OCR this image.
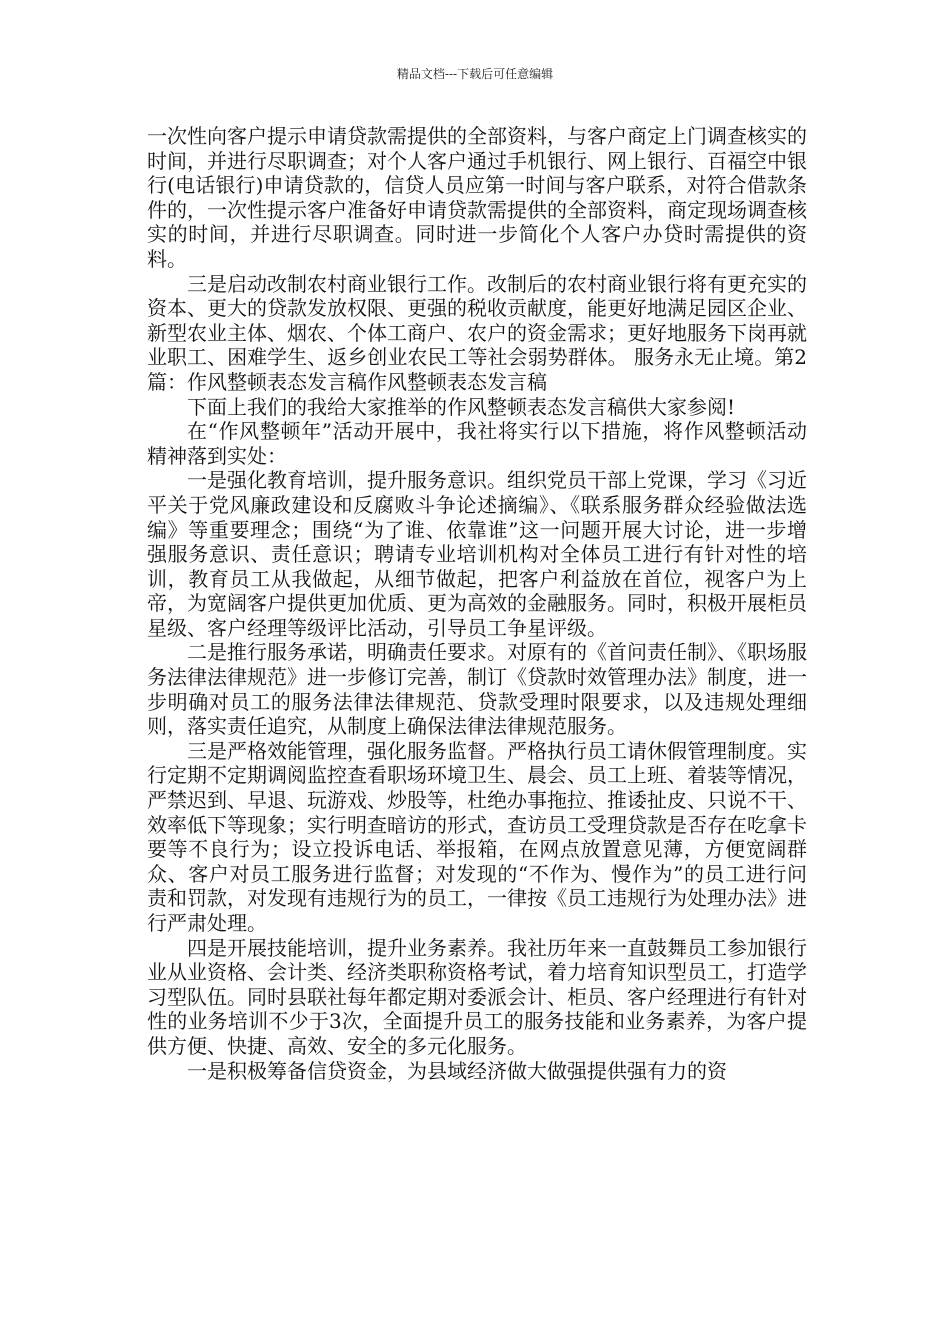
精品文档---下载后可任意编辑

一次性向客户提示申请贷款需提供的全部资料，与客户商定上门调查核实的时间，并进行尽职调查；对个人客户通过手机银行、网上银行、百福空中银行(电话银行)申请贷款的，信贷人员应第一时间与客户联系，对符合借款条件的，一次性提示客户准备好申请贷款需提供的全部资料，商定现场调查核实的时间，并进行尽职调查。同时进一步简化个人客户办贷时需提供的资料。

三是启动改制农村商业银行工作。改制后的农村商业银行将有更充实的资本、更大的贷款发放权限、更强的税收贡献度，能更好地满足园区企业、新型农业主体、烟农、个体工商户、农户的资金需求；更好地服务下岗再就业职工、困难学生、返乡创业农民工等社会弱势群体。 服务永无止境。第2篇：作风整顿表态发言稿作风整顿表态发言稿

下面上我们的我给大家推举的作风整顿表态发言稿供大家参阅!

在“作风整顿年”活动开展中，我社将实行以下措施，将作风整顿活动精神落到实处：

一是强化教育培训，提升服务意识。组织党员干部上党课，学习《习近平关于党风廉政建设和反腐败斗争论述摘编》、《联系服务群众经验做法选编》等重要理念；围绕“为了谁、依靠谁”这一问题开展大讨论，进一步增强服务意识、责任意识；聘请专业培训机构对全体员工进行有针对性的培训，教育员工从我做起，从细节做起，把客户利益放在首位，视客户为上帝，为宽阔客户提供更加优质、更为高效的金融服务。同时，积极开展柜员星级、客户经理等级评比活动，引导员工争星评级。

二是推行服务承诺，明确责任要求。对原有的《首问责任制》、《职场服务法律法律规范》进一步修订完善，制订《贷款时效管理办法》制度，进一步明确对员工的服务法律法律规范、贷款受理时限要求，以及违规处理细则，落实责任追究，从制度上确保法律法律规范服务。

三是严格效能管理，强化服务监督。严格执行员工请休假管理制度。实行定期不定期调阅监控查看职场环境卫生、晨会、员工上班、着装等情况，严禁迟到、早退、玩游戏、炒股等，杜绝办事拖拉、推诿扯皮、只说不干、效率低下等现象；实行明查暗访的形式，查访员工受理贷款是否存在吃拿卡要等不良行为；设立投诉电话、举报箱，在网点放置意见薄，方便宽阔群众、客户对员工服务进行监督；对发现的“不作为、慢作为”的员工进行问责和罚款，对发现有违规行为的员工，一律按《员工违规行为处理办法》进行严肃处理。

四是开展技能培训，提升业务素养。我社历年来一直鼓舞员工参加银行业从业资格、会计类、经济类职称资格考试，着力培育知识型员工，打造学习型队伍。同时县联社每年都定期对委派会计、柜员、客户经理进行有针对性的业务培训不少于3次，全面提升员工的服务技能和业务素养，为客户提供方便、快捷、高效、安全的多元化服务。

一是积极筹备信贷资金，为县域经济做大做强提供强有力的资
